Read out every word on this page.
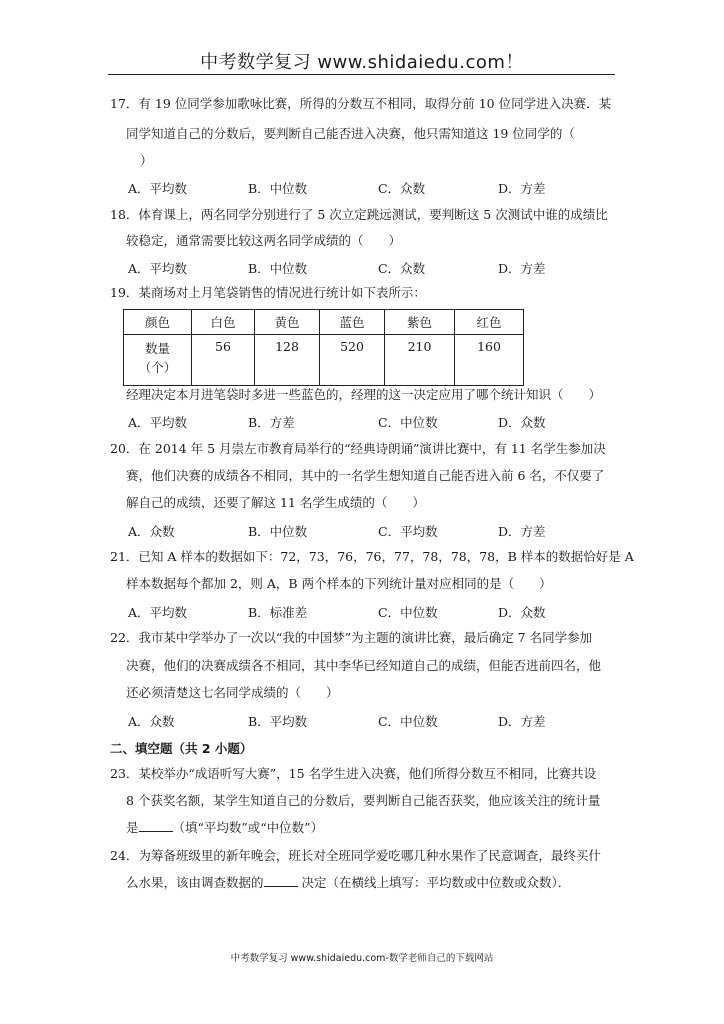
中考数学复习 www.shidaiedu.com！
17．有 19 位同学参加歌咏比赛，所得的分数互不相同，取得分前 10 位同学进入决赛．某
同学知道自己的分数后，要判断自己能否进入决赛，他只需知道这 19 位同学的（
）
A．平均数	B．中位数	C．众数	D．方差
18．体育课上，两名同学分别进行了 5 次立定跳远测试，要判断这 5 次测试中谁的成绩比
较稳定，通常需要比较这两名同学成绩的（　　）
A．平均数	B．中位数	C．众数	D．方差
19．某商场对上月笔袋销售的情况进行统计如下表所示：
颜色	白色	黄色	蓝色	紫色	红色
数量
（个）	56	128	520	210	160
经理决定本月进笔袋时多进一些蓝色的，经理的这一决定应用了哪个统计知识（　　）
A．平均数	B．方差	C．中位数	D．众数
20．在 2014 年 5 月崇左市教育局举行的“经典诗朗诵”演讲比赛中，有 11 名学生参加决
赛，他们决赛的成绩各不相同，其中的一名学生想知道自己能否进入前 6 名，不仅要了
解自己的成绩，还要了解这 11 名学生成绩的（　　）
A．众数	B．中位数	C．平均数	D．方差
21．已知 A 样本的数据如下：72，73，76，76，77，78，78，78，B 样本的数据恰好是 A
样本数据每个都加 2，则 A，B 两个样本的下列统计量对应相同的是（　　）
A．平均数	B．标准差	C．中位数	D．众数
22．我市某中学举办了一次以“我的中国梦”为主题的演讲比赛，最后确定 7 名同学参加
决赛，他们的决赛成绩各不相同，其中李华已经知道自己的成绩，但能否进前四名，他
还必须清楚这七名同学成绩的（　　）
A．众数	B．平均数	C．中位数	D．方差
二、填空题（共 2 小题）
23．某校举办“成语听写大赛”，15 名学生进入决赛，他们所得分数互不相同，比赛共设
8 个获奖名额，某学生知道自己的分数后，要判断自己能否获奖，他应该关注的统计量
是	（填“平均数”或“中位数”）
24．为筹备班级里的新年晚会，班长对全班同学爱吃哪几种水果作了民意调查，最终买什
么水果，该由调查数据的	决定（在横线上填写：平均数或中位数或众数）．
中考数学复习 www.shidaiedu.com-数学老师自己的下载网站
